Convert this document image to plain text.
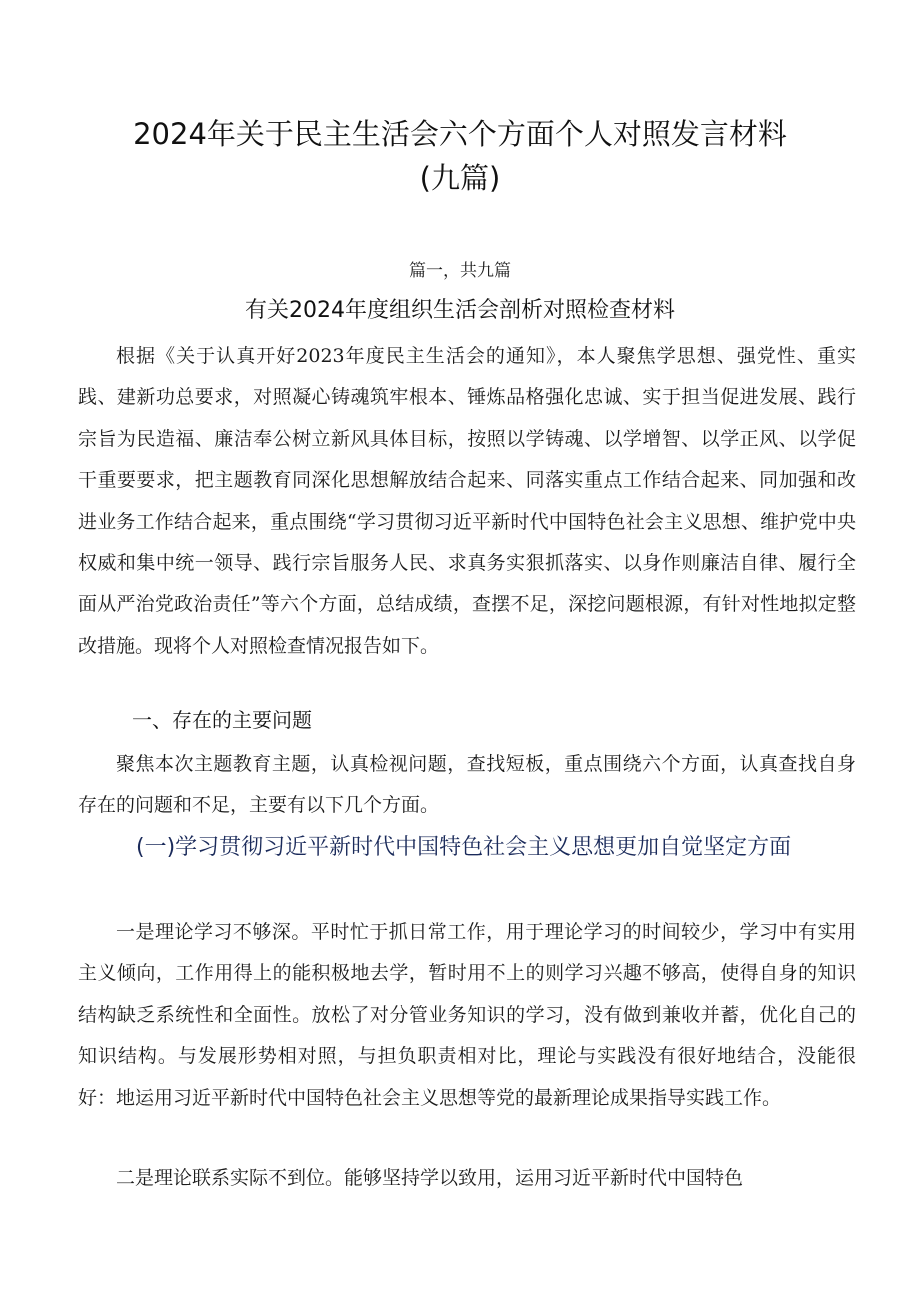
2024年关于民主生活会六个方面个人对照发言材料
(九篇)
篇一，共九篇
有关2024年度组织生活会剖析对照检查材料

根据《关于认真开好2023年度民主生活会的通知》，本人聚焦学思想、强党性、重实践、建新功总要求，对照凝心铸魂筑牢根本、锤炼品格强化忠诚、实于担当促进发展、践行宗旨为民造福、廉洁奉公树立新风具体目标，按照以学铸魂、以学增智、以学正风、以学促干重要要求，把主题教育同深化思想解放结合起来、同落实重点工作结合起来、同加强和改进业务工作结合起来，重点围绕“学习贯彻习近平新时代中国特色社会主义思想、维护党中央权威和集中统一领导、践行宗旨服务人民、求真务实狠抓落实、以身作则廉洁自律、履行全面从严治党政治责任”等六个方面，总结成绩，查摆不足，深挖问题根源，有针对性地拟定整改措施。现将个人对照检查情况报告如下。

一、存在的主要问题

聚焦本次主题教育主题，认真检视问题，查找短板，重点围绕六个方面，认真查找自身存在的问题和不足，主要有以下几个方面。

(一)学习贯彻习近平新时代中国特色社会主义思想更加自觉坚定方面

一是理论学习不够深。平时忙于抓日常工作，用于理论学习的时间较少，学习中有实用主义倾向，工作用得上的能积极地去学，暂时用不上的则学习兴趣不够高，使得自身的知识结构缺乏系统性和全面性。放松了对分管业务知识的学习，没有做到兼收并蓄，优化自己的知识结构。与发展形势相对照，与担负职责相对比，理论与实践没有很好地结合，没能很好：地运用习近平新时代中国特色社会主义思想等党的最新理论成果指导实践工作。

二是理论联系实际不到位。能够坚持学以致用，运用习近平新时代中国特色
